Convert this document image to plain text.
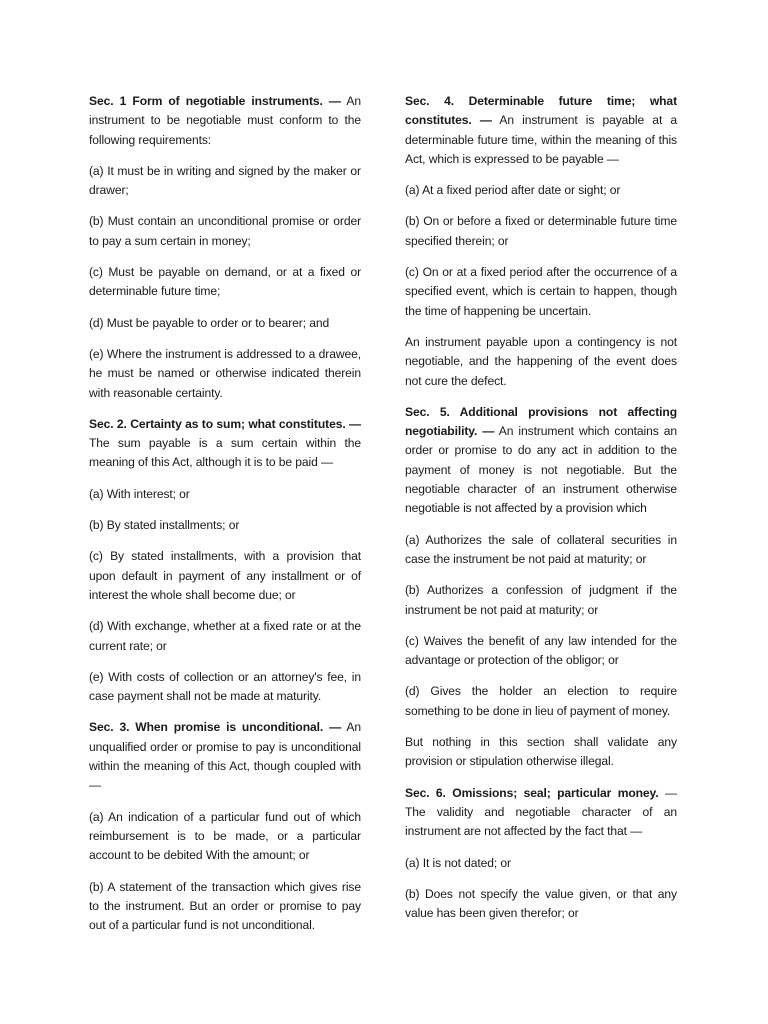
Sec. 1 Form of negotiable instruments. — An instrument to be negotiable must conform to the following requirements:

(a) It must be in writing and signed by the maker or drawer;

(b) Must contain an unconditional promise or order to pay a sum certain in money;

(c) Must be payable on demand, or at a fixed or determinable future time;

(d) Must be payable to order or to bearer; and

(e) Where the instrument is addressed to a drawee, he must be named or otherwise indicated therein with reasonable certainty.

Sec. 2. Certainty as to sum; what constitutes. — The sum payable is a sum certain within the meaning of this Act, although it is to be paid —

(a) With interest; or

(b) By stated installments; or

(c) By stated installments, with a provision that upon default in payment of any installment or of interest the whole shall become due; or

(d) With exchange, whether at a fixed rate or at the current rate; or

(e) With costs of collection or an attorney's fee, in case payment shall not be made at maturity.

Sec. 3. When promise is unconditional. — An unqualified order or promise to pay is unconditional within the meaning of this Act, though coupled with —

(a) An indication of a particular fund out of which reimbursement is to be made, or a particular account to be debited With the amount; or

(b) A statement of the transaction which gives rise to the instrument. But an order or promise to pay out of a particular fund is not unconditional.

Sec. 4. Determinable future time; what constitutes. — An instrument is payable at a determinable future time, within the meaning of this Act, which is expressed to be payable —

(a) At a fixed period after date or sight; or

(b) On or before a fixed or determinable future time specified therein; or

(c) On or at a fixed period after the occurrence of a specified event, which is certain to happen, though the time of happening be uncertain.

An instrument payable upon a contingency is not negotiable, and the happening of the event does not cure the defect.

Sec. 5. Additional provisions not affecting negotiability. — An instrument which contains an order or promise to do any act in addition to the payment of money is not negotiable. But the negotiable character of an instrument otherwise negotiable is not affected by a provision which

(a) Authorizes the sale of collateral securities in case the instrument be not paid at maturity; or

(b) Authorizes a confession of judgment if the instrument be not paid at maturity; or

(c) Waives the benefit of any law intended for the advantage or protection of the obligor; or

(d) Gives the holder an election to require something to be done in lieu of payment of money.

But nothing in this section shall validate any provision or stipulation otherwise illegal.

Sec. 6. Omissions; seal; particular money. — The validity and negotiable character of an instrument are not affected by the fact that —

(a) It is not dated; or

(b) Does not specify the value given, or that any value has been given therefor; or
